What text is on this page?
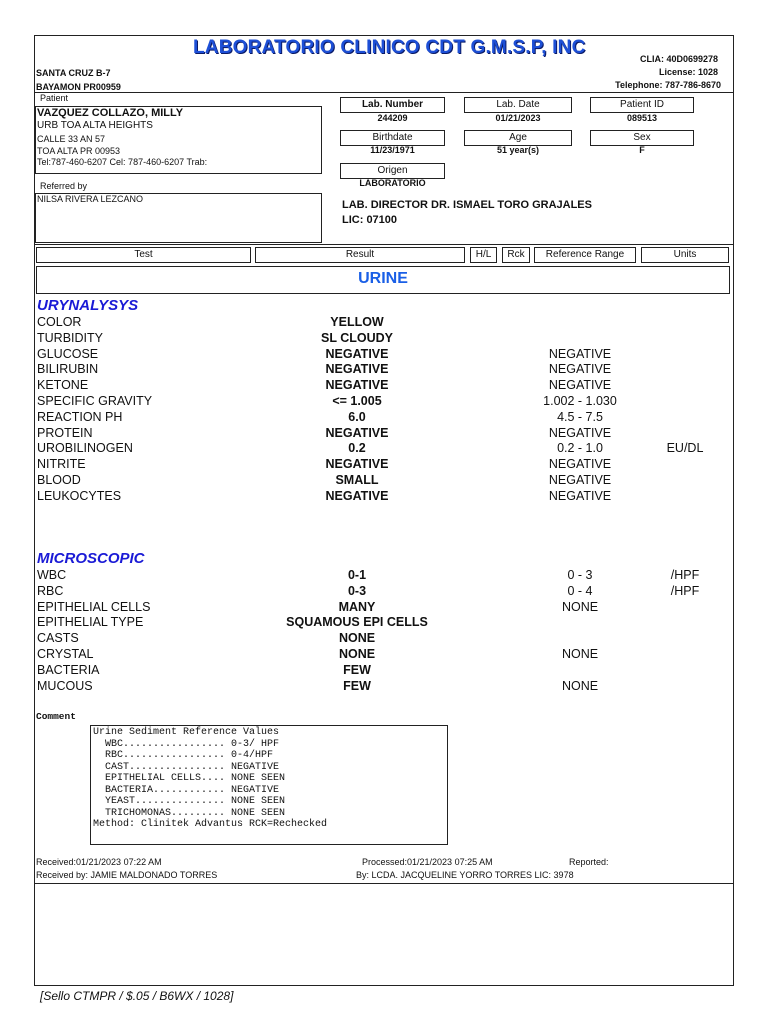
LABORATORIO CLINICO CDT G.M.S.P, INC
SANTA CRUZ B-7
BAYAMON PR00959
CLIA: 40D0699278
License: 1028
Telephone: 787-786-8670
Patient
VAZQUEZ COLLAZO, MILLY
URB TOA ALTA HEIGHTS
CALLE 33 AN 57
TOA ALTA PR 00953
Tel:787-460-6207 Cel: 787-460-6207 Trab:
Referred by
NILSA RIVERA LEZCANO
Lab. Number
244209
Lab. Date
01/21/2023
Patient ID
089513
Birthdate
11/23/1971
Age
51 year(s)
Sex
F
Origen
LABORATORIO
LAB. DIRECTOR DR. ISMAEL TORO GRAJALES
LIC: 07100
Test	Result	H/L	Rck	Reference Range	Units
URINE
URYNALYSYS
COLOR	YELLOW
TURBIDITY	SL CLOUDY
GLUCOSE	NEGATIVE	NEGATIVE
BILIRUBIN	NEGATIVE	NEGATIVE
KETONE	NEGATIVE	NEGATIVE
SPECIFIC GRAVITY	<= 1.005	1.002 - 1.030
REACTION PH	6.0	4.5 - 7.5
PROTEIN	NEGATIVE	NEGATIVE
UROBILINOGEN	0.2	0.2 - 1.0	EU/DL
NITRITE	NEGATIVE	NEGATIVE
BLOOD	SMALL	NEGATIVE
LEUKOCYTES	NEGATIVE	NEGATIVE
MICROSCOPIC
WBC	0-1	0 - 3	/HPF
RBC	0-3	0 - 4	/HPF
EPITHELIAL CELLS	MANY	NONE
EPITHELIAL TYPE	SQUAMOUS EPI CELLS
CASTS	NONE
CRYSTAL	NONE	NONE
BACTERIA	FEW
MUCOUS	FEW	NONE
Comment
Urine Sediment Reference Values
WBC................. 0-3/ HPF
RBC................. 0-4/HPF
CAST................ NEGATIVE
EPITHELIAL CELLS.... NONE SEEN
BACTERIA............ NEGATIVE
YEAST............... NONE SEEN
TRICHOMONAS......... NONE SEEN
Method: Clinitek Advantus RCK=Rechecked
Received:01/21/2023 07:22 AM
Received by: JAMIE MALDONADO TORRES
Processed:01/21/2023 07:25 AM
By: LCDA. JACQUELINE YORRO TORRES LIC: 3978
Reported:
[Sello CTMPR / $.05 / B6WX / 1028]
